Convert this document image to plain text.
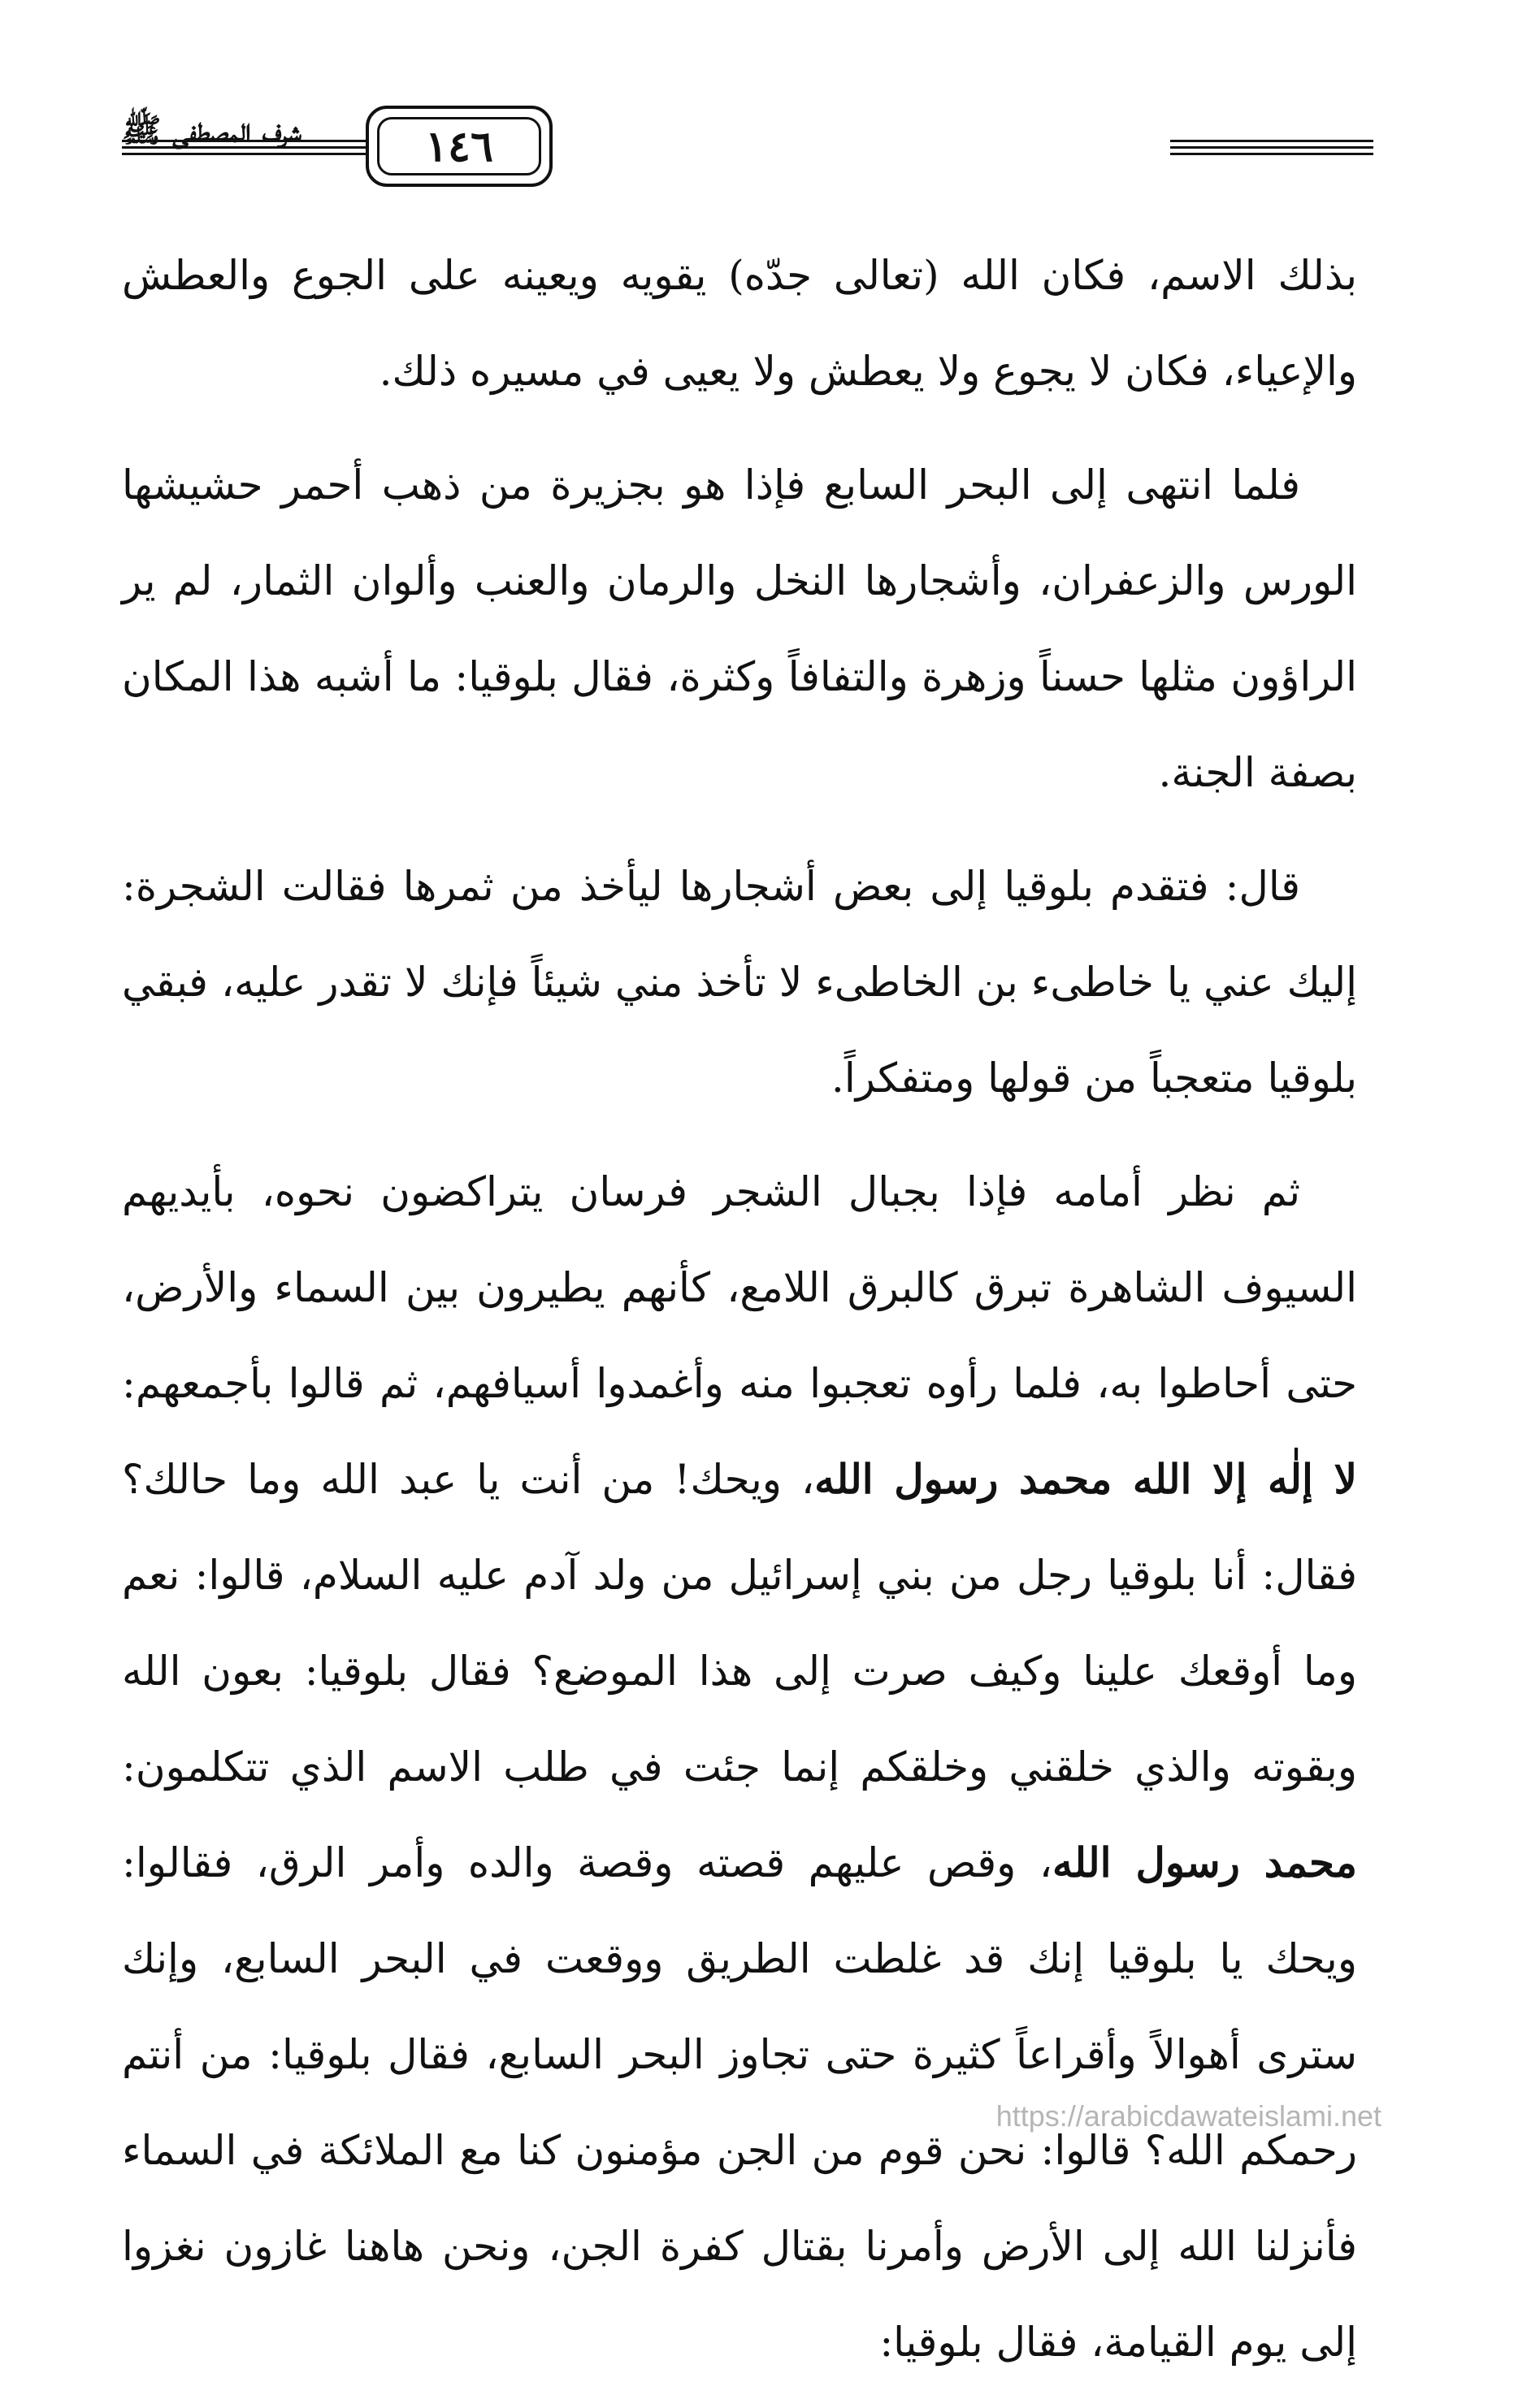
١٤٦
شرف المصطفى ﷺ

بذلك الاسم، فكان الله (تعالى جدّه) يقويه ويعينه على الجوع والعطش والإعياء، فكان لا يجوع ولا يعطش ولا يعيى في مسيره ذلك.

فلما انتهى إلى البحر السابع فإذا هو بجزيرة من ذهب أحمر حشيشها الورس والزعفران، وأشجارها النخل والرمان والعنب وألوان الثمار، لم ير الراؤون مثلها حسناً وزهرة والتفافاً وكثرة، فقال بلوقيا: ما أشبه هذا المكان بصفة الجنة.

قال: فتقدم بلوقيا إلى بعض أشجارها ليأخذ من ثمرها فقالت الشجرة: إليك عني يا خاطىء بن الخاطىء لا تأخذ مني شيئاً فإنك لا تقدر عليه، فبقي بلوقيا متعجباً من قولها ومتفكراً.

ثم نظر أمامه فإذا بجبال الشجر فرسان يتراكضون نحوه، بأيديهم السيوف الشاهرة تبرق كالبرق اللامع، كأنهم يطيرون بين السماء والأرض، حتى أحاطوا به، فلما رأوه تعجبوا منه وأغمدوا أسيافهم، ثم قالوا بأجمعهم: لا إلٰه إلا الله محمد رسول الله، ويحك! من أنت يا عبد الله وما حالك؟ فقال: أنا بلوقيا رجل من بني إسرائيل من ولد آدم عليه السلام، قالوا: نعم وما أوقعك علينا وكيف صرت إلى هذا الموضع؟ فقال بلوقيا: بعون الله وبقوته والذي خلقني وخلقكم إنما جئت في طلب الاسم الذي تتكلمون: محمد رسول الله، وقص عليهم قصته وقصة والده وأمر الرق، فقالوا: ويحك يا بلوقيا إنك قد غلطت الطريق ووقعت في البحر السابع، وإنك سترى أهوالاً وأقراعاً كثيرة حتى تجاوز البحر السابع، فقال بلوقيا: من أنتم رحمكم الله؟ قالوا: نحن قوم من الجن مؤمنون كنا مع الملائكة في السماء فأنزلنا الله إلى الأرض وأمرنا بقتال كفرة الجن، ونحن هاهنا غازون نغزوا إلى يوم القيامة، فقال بلوقيا:

https://arabicdawateislami.net
